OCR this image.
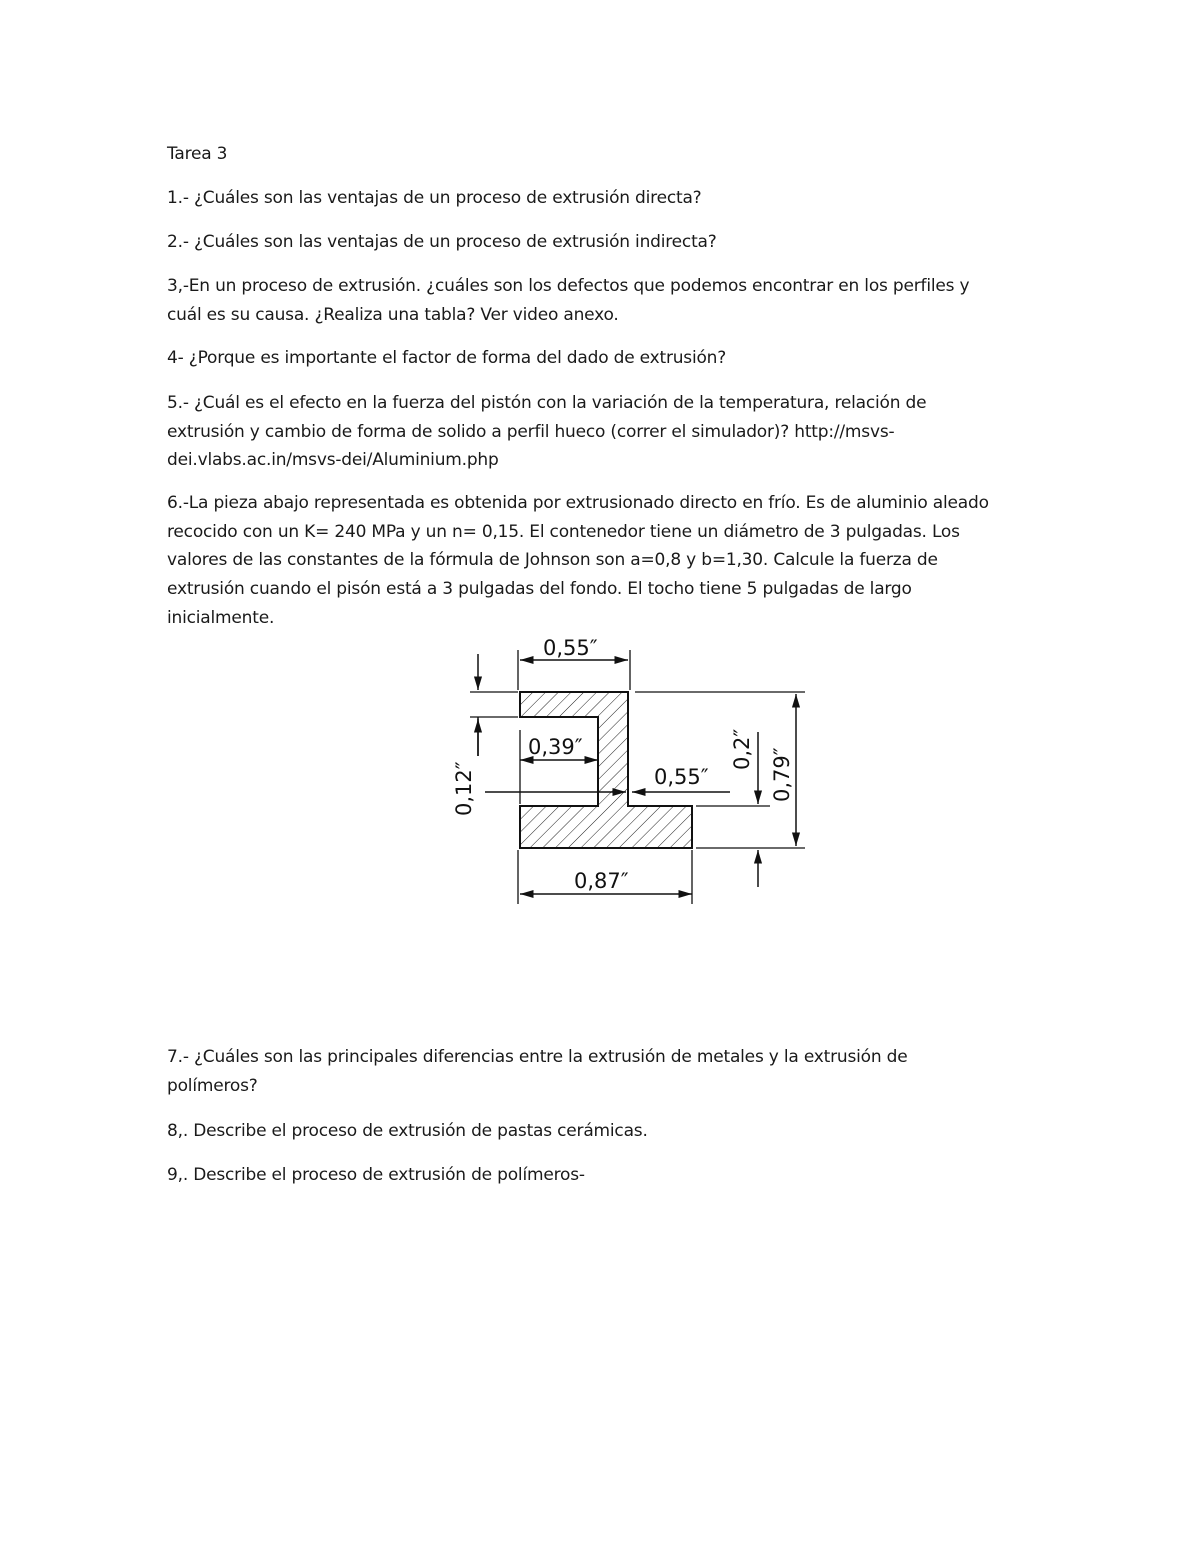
Tarea 3
1.- ¿Cuáles son las ventajas de un proceso de extrusión directa?
2.- ¿Cuáles son las ventajas de un proceso de extrusión indirecta?
3,-En un proceso de extrusión. ¿cuáles son los defectos que podemos encontrar en los perfiles y
cuál es su causa. ¿Realiza una tabla? Ver video anexo.
4- ¿Porque es importante el factor de forma del dado de extrusión?
5.- ¿Cuál es el efecto en la fuerza del pistón con la variación de la temperatura, relación de
extrusión y cambio de forma de solido a perfil hueco (correr el simulador)? http://msvs-
dei.vlabs.ac.in/msvs-dei/Aluminium.php
6.-La pieza abajo representada es obtenida por extrusionado directo en frío. Es de aluminio aleado
recocido con un K= 240 MPa y un n= 0,15. El contenedor tiene un diámetro de 3 pulgadas. Los
valores de las constantes de la fórmula de Johnson son a=0,8 y b=1,30. Calcule la fuerza de
extrusión cuando el pisón está a 3 pulgadas del fondo. El tocho tiene 5 pulgadas de largo
inicialmente.
0,55″
0,39″
0,55″
0,87″
0,12″
0,2″ 0,79″
7.- ¿Cuáles son las principales diferencias entre la extrusión de metales y la extrusión de
polímeros?
8,. Describe el proceso de extrusión de pastas cerámicas.
9,. Describe el proceso de extrusión de polímeros-
